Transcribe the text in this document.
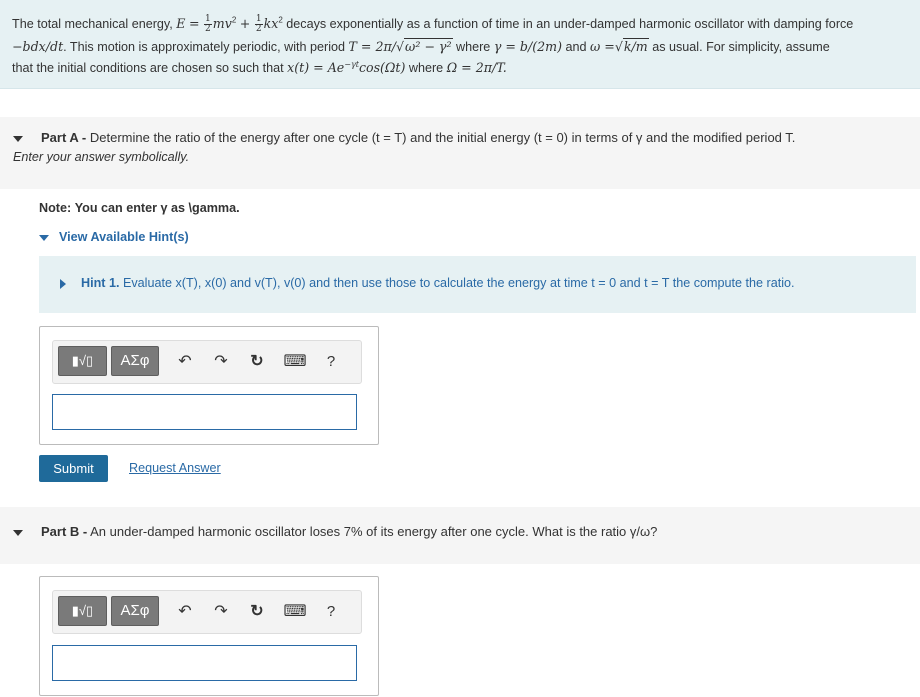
The total mechanical energy, $E = \frac{1}{2} mv^2 + \frac{1}{2} kx^2$ decays exponentially as a function of time in an under-damped harmonic oscillator with damping force
−bdx/dt. This motion is approximately periodic, with period T = 2π/√ω² − γ² where γ = b/(2m) and ω =√k/m as usual. For simplicity, assume
that the initial conditions are chosen so such that $x(t) = Ae^{-\gamma t}\cos(\Omega t)$ where Ω = 2π/T.
Part A - Determine the ratio of the energy after one cycle (t = T) and the initial energy (t = 0) in terms of γ and the modified period T.
Enter your answer symbolically.
Note: You can enter γ as \gamma.
View Available Hint(s)
Hint 1. Evaluate x(T), x(0) and v(T), v(0) and then use those to calculate the energy at time t = 0 and t = T the compute the ratio.
▮√▯	ΑΣφ	↶ ↷ ↻ ⌨	?
Submit	Request Answer
Part B - An under-damped harmonic oscillator loses 7% of its energy after one cycle. What is the ratio γ/ω?
▮√▯	ΑΣφ	↶ ↷ ↻ ⌨	?
